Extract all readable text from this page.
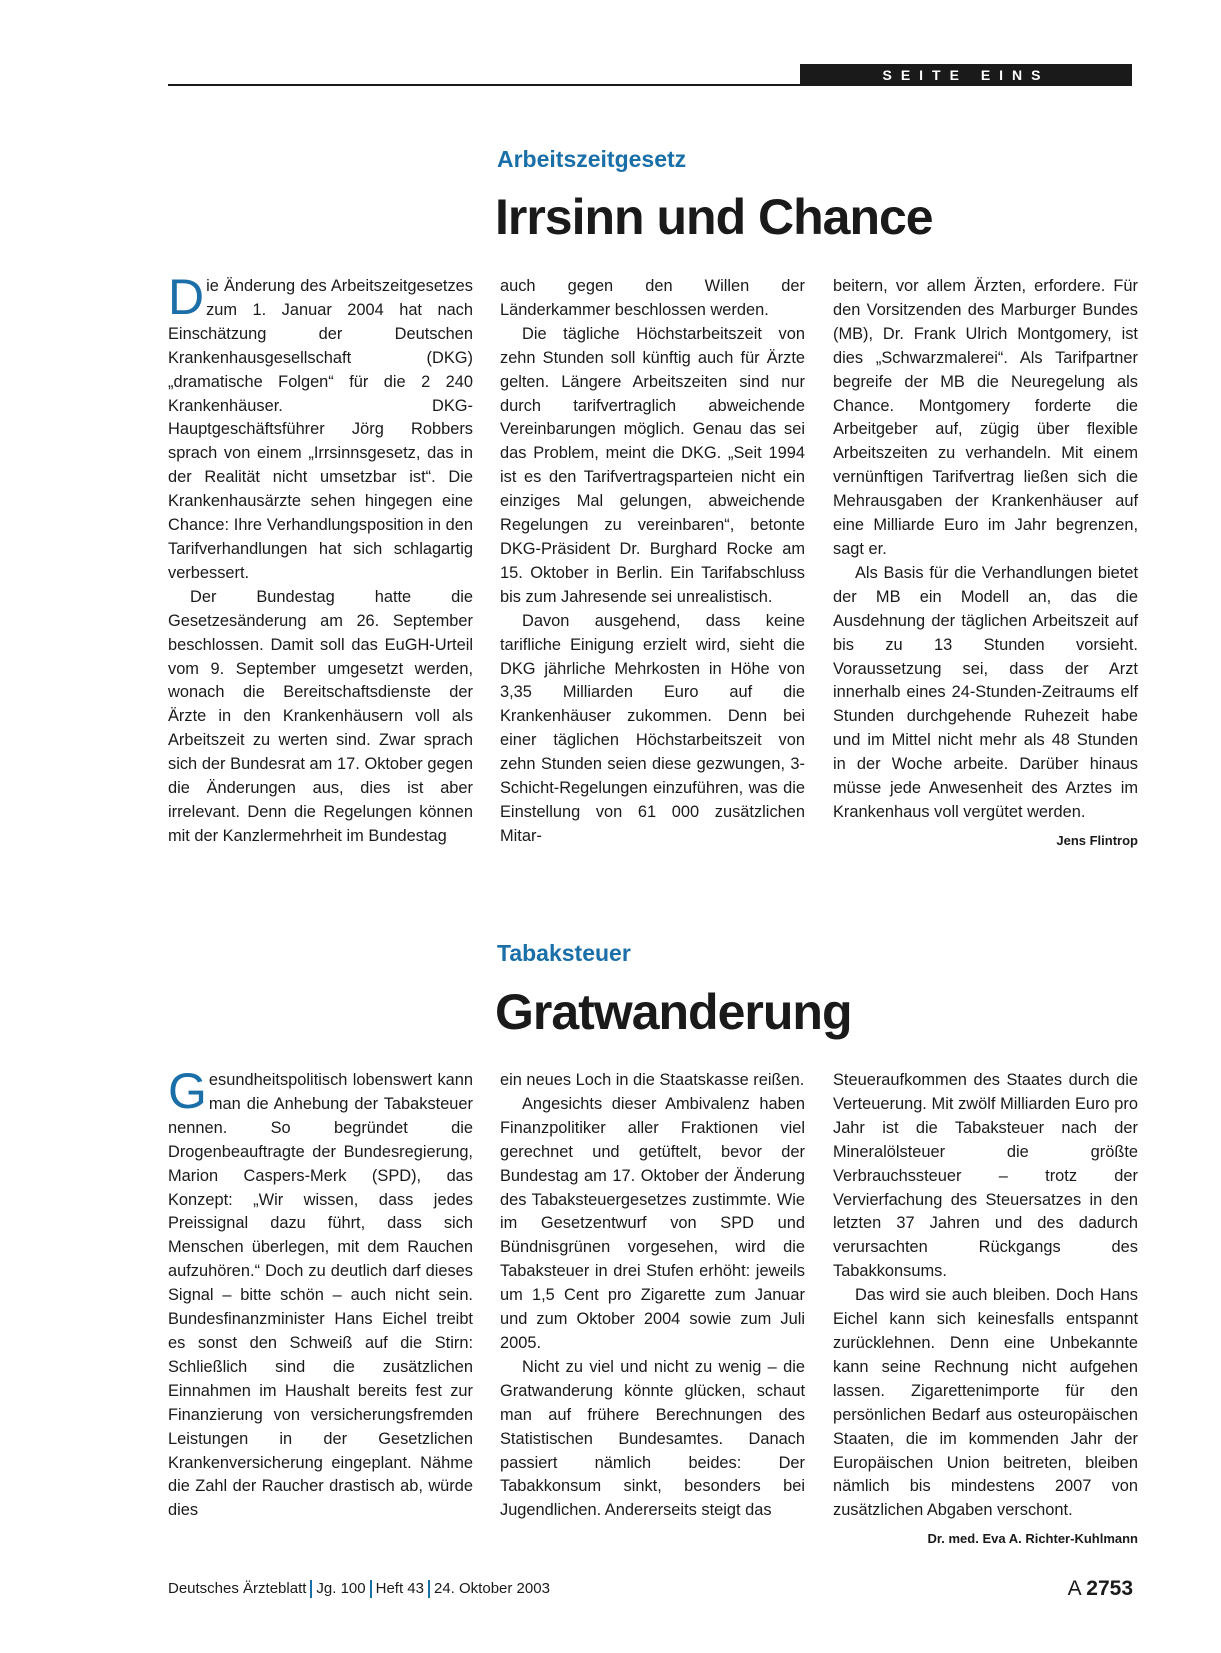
SEITE EINS
Arbeitszeitgesetz
Irrsinn und Chance

Die Änderung des Arbeitszeitgesetzes zum 1. Januar 2004 hat nach Einschätzung der Deutschen Krankenhausgesellschaft (DKG) „dramatische Folgen“ für die 2 240 Krankenhäuser. DKG-Hauptgeschäftsführer Jörg Robbers sprach von einem „Irrsinnsgesetz, das in der Realität nicht umsetzbar ist“. Die Krankenhausärzte sehen hingegen eine Chance: Ihre Verhandlungsposition in den Tarifverhandlungen hat sich schlagartig verbessert.

Der Bundestag hatte die Gesetzesänderung am 26. September beschlossen. Damit soll das EuGH-Urteil vom 9. September umgesetzt werden, wonach die Bereitschaftsdienste der Ärzte in den Krankenhäusern voll als Arbeitszeit zu werten sind. Zwar sprach sich der Bundesrat am 17. Oktober gegen die Änderungen aus, dies ist aber irrelevant. Denn die Regelungen können mit der Kanzlermehrheit im Bundestag

auch gegen den Willen der Länderkammer beschlossen werden.

Die tägliche Höchstarbeitszeit von zehn Stunden soll künftig auch für Ärzte gelten. Längere Arbeitszeiten sind nur durch tarifvertraglich abweichende Vereinbarungen möglich. Genau das sei das Problem, meint die DKG. „Seit 1994 ist es den Tarifvertragsparteien nicht ein einziges Mal gelungen, abweichende Regelungen zu vereinbaren“, betonte DKG-Präsident Dr. Burghard Rocke am 15. Oktober in Berlin. Ein Tarifabschluss bis zum Jahresende sei unrealistisch.

Davon ausgehend, dass keine tarifliche Einigung erzielt wird, sieht die DKG jährliche Mehrkosten in Höhe von 3,35 Milliarden Euro auf die Krankenhäuser zukommen. Denn bei einer täglichen Höchstarbeitszeit von zehn Stunden seien diese gezwungen, 3-Schicht-Regelungen einzuführen, was die Einstellung von 61 000 zusätzlichen Mitar-

beitern, vor allem Ärzten, erfordere. Für den Vorsitzenden des Marburger Bundes (MB), Dr. Frank Ulrich Montgomery, ist dies „Schwarzmalerei“. Als Tarifpartner begreife der MB die Neuregelung als Chance. Montgomery forderte die Arbeitgeber auf, zügig über flexible Arbeitszeiten zu verhandeln. Mit einem vernünftigen Tarifvertrag ließen sich die Mehrausgaben der Krankenhäuser auf eine Milliarde Euro im Jahr begrenzen, sagt er.

Als Basis für die Verhandlungen bietet der MB ein Modell an, das die Ausdehnung der täglichen Arbeitszeit auf bis zu 13 Stunden vorsieht. Voraussetzung sei, dass der Arzt innerhalb eines 24-Stunden-Zeitraums elf Stunden durchgehende Ruhezeit habe und im Mittel nicht mehr als 48 Stunden in der Woche arbeite. Darüber hinaus müsse jede Anwesenheit des Arztes im Krankenhaus voll vergütet werden.
Jens Flintrop

Tabaksteuer
Gratwanderung

Gesundheitspolitisch lobenswert kann man die Anhebung der Tabaksteuer nennen. So begründet die Drogenbeauftragte der Bundesregierung, Marion Caspers-Merk (SPD), das Konzept: „Wir wissen, dass jedes Preissignal dazu führt, dass sich Menschen überlegen, mit dem Rauchen aufzuhören.“ Doch zu deutlich darf dieses Signal – bitte schön – auch nicht sein. Bundesfinanzminister Hans Eichel treibt es sonst den Schweiß auf die Stirn: Schließlich sind die zusätzlichen Einnahmen im Haushalt bereits fest zur Finanzierung von versicherungsfremden Leistungen in der Gesetzlichen Krankenversicherung eingeplant. Nähme die Zahl der Raucher drastisch ab, würde dies

ein neues Loch in die Staatskasse reißen.

Angesichts dieser Ambivalenz haben Finanzpolitiker aller Fraktionen viel gerechnet und getüftelt, bevor der Bundestag am 17. Oktober der Änderung des Tabaksteuergesetzes zustimmte. Wie im Gesetzentwurf von SPD und Bündnisgrünen vorgesehen, wird die Tabaksteuer in drei Stufen erhöht: jeweils um 1,5 Cent pro Zigarette zum Januar und zum Oktober 2004 sowie zum Juli 2005.

Nicht zu viel und nicht zu wenig – die Gratwanderung könnte glücken, schaut man auf frühere Berechnungen des Statistischen Bundesamtes. Danach passiert nämlich beides: Der Tabakkonsum sinkt, besonders bei Jugendlichen. Andererseits steigt das

Steueraufkommen des Staates durch die Verteuerung. Mit zwölf Milliarden Euro pro Jahr ist die Tabaksteuer nach der Mineralölsteuer die größte Verbrauchssteuer – trotz der Vervierfachung des Steuersatzes in den letzten 37 Jahren und des dadurch verursachten Rückgangs des Tabakkonsums.

Das wird sie auch bleiben. Doch Hans Eichel kann sich keinesfalls entspannt zurücklehnen. Denn eine Unbekannte kann seine Rechnung nicht aufgehen lassen. Zigarettenimporte für den persönlichen Bedarf aus osteuropäischen Staaten, die im kommenden Jahr der Europäischen Union beitreten, bleiben nämlich bis mindestens 2007 von zusätzlichen Abgaben verschont.
Dr. med. Eva A. Richter-Kuhlmann

Deutsches Ärzteblatt Jg. 100 Heft 43 24. Oktober 2003	A 2753
